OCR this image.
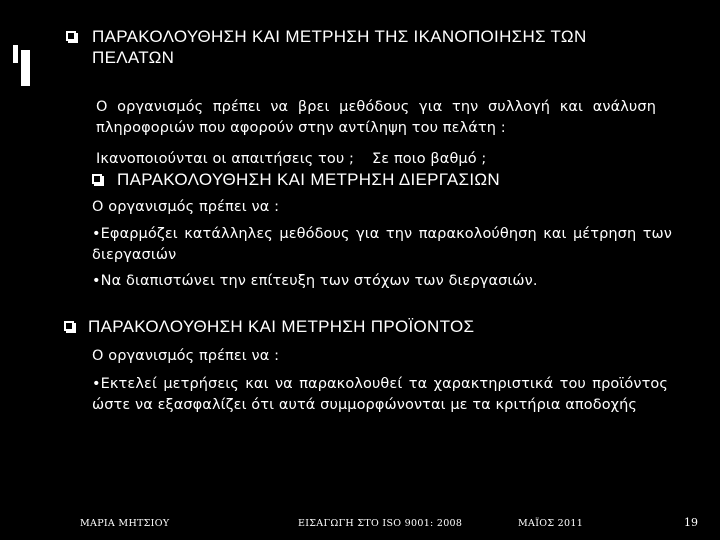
ΠΑΡΑΚΟΛΟΥΘΗΣΗ ΚΑΙ ΜΕΤΡΗΣΗ ΤΗΣ ΙΚΑΝΟΠΟΙΗΣΗΣ ΤΩΝ
ΠΕΛΑΤΩΝ
Ο οργανισμός πρέπει να βρει μεθόδους για την συλλογή και ανάλυση πληροφοριών που αφορούν στην αντίληψη του πελάτη :
Ικανοποιούνται οι απαιτήσεις του ; Σε ποιο βαθμό ;
ΠΑΡΑΚΟΛΟΥΘΗΣΗ ΚΑΙ ΜΕΤΡΗΣΗ ΔΙΕΡΓΑΣΙΩΝ
Ο οργανισμός πρέπει να :
•Εφαρμόζει κατάλληλες μεθόδους για την παρακολούθηση και μέτρηση των διεργασιών
•Να διαπιστώνει την επίτευξη των στόχων των διεργασιών.
ΠΑΡΑΚΟΛΟΥΘΗΣΗ ΚΑΙ ΜΕΤΡΗΣΗ ΠΡΟΪΟΝΤΟΣ
Ο οργανισμός πρέπει να :
•Εκτελεί μετρήσεις και να παρακολουθεί τα χαρακτηριστικά του προϊόντος ώστε να εξασφαλίζει ότι αυτά συμμορφώνονται με τα κριτήρια αποδοχής
ΜΑΡΙΑ ΜΗΤΣΙΟΥ	ΕΙΣΑΓΩΓΗ ΣΤΟ ISO 9001: 2008	ΜΑΪΟΣ 2011	19
